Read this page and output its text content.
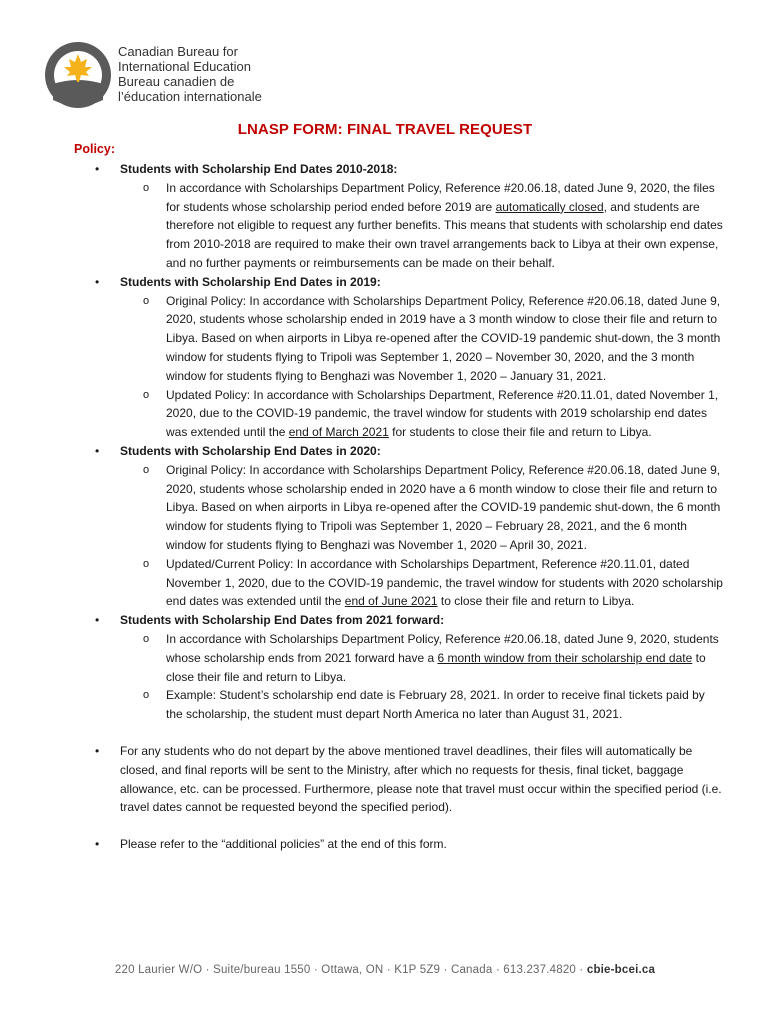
Canadian Bureau for
International Education
Bureau canadien de
l’éducation internationale
LNASP FORM: FINAL TRAVEL REQUEST
Policy:
• Students with Scholarship End Dates 2010-2018:
o In accordance with Scholarships Department Policy, Reference #20.06.18, dated June 9, 2020, the files for students whose scholarship period ended before 2019 are automatically closed, and students are therefore not eligible to request any further benefits. This means that students with scholarship end dates from 2010-2018 are required to make their own travel arrangements back to Libya at their own expense, and no further payments or reimbursements can be made on their behalf.
• Students with Scholarship End Dates in 2019:
o Original Policy: In accordance with Scholarships Department Policy, Reference #20.06.18, dated June 9, 2020, students whose scholarship ended in 2019 have a 3 month window to close their file and return to Libya. Based on when airports in Libya re-opened after the COVID-19 pandemic shut-down, the 3 month window for students flying to Tripoli was September 1, 2020 – November 30, 2020, and the 3 month window for students flying to Benghazi was November 1, 2020 – January 31, 2021.
o Updated Policy: In accordance with Scholarships Department, Reference #20.11.01, dated November 1, 2020, due to the COVID-19 pandemic, the travel window for students with 2019 scholarship end dates was extended until the end of March 2021 for students to close their file and return to Libya.
• Students with Scholarship End Dates in 2020:
o Original Policy: In accordance with Scholarships Department Policy, Reference #20.06.18, dated June 9, 2020, students whose scholarship ended in 2020 have a 6 month window to close their file and return to Libya. Based on when airports in Libya re-opened after the COVID-19 pandemic shut-down, the 6 month window for students flying to Tripoli was September 1, 2020 – February 28, 2021, and the 6 month window for students flying to Benghazi was November 1, 2020 – April 30, 2021.
o Updated/Current Policy: In accordance with Scholarships Department, Reference #20.11.01, dated November 1, 2020, due to the COVID-19 pandemic, the travel window for students with 2020 scholarship end dates was extended until the end of June 2021 to close their file and return to Libya.
• Students with Scholarship End Dates from 2021 forward:
o In accordance with Scholarships Department Policy, Reference #20.06.18, dated June 9, 2020, students whose scholarship ends from 2021 forward have a 6 month window from their scholarship end date to close their file and return to Libya.
o Example: Student’s scholarship end date is February 28, 2021. In order to receive final tickets paid by the scholarship, the student must depart North America no later than August 31, 2021.
• For any students who do not depart by the above mentioned travel deadlines, their files will automatically be closed, and final reports will be sent to the Ministry, after which no requests for thesis, final ticket, baggage allowance, etc. can be processed. Furthermore, please note that travel must occur within the specified period (i.e. travel dates cannot be requested beyond the specified period).
• Please refer to the “additional policies” at the end of this form.
220 Laurier W/O · Suite/bureau 1550 · Ottawa, ON · K1P 5Z9 · Canada · 613.237.4820 · cbie-bcei.ca
